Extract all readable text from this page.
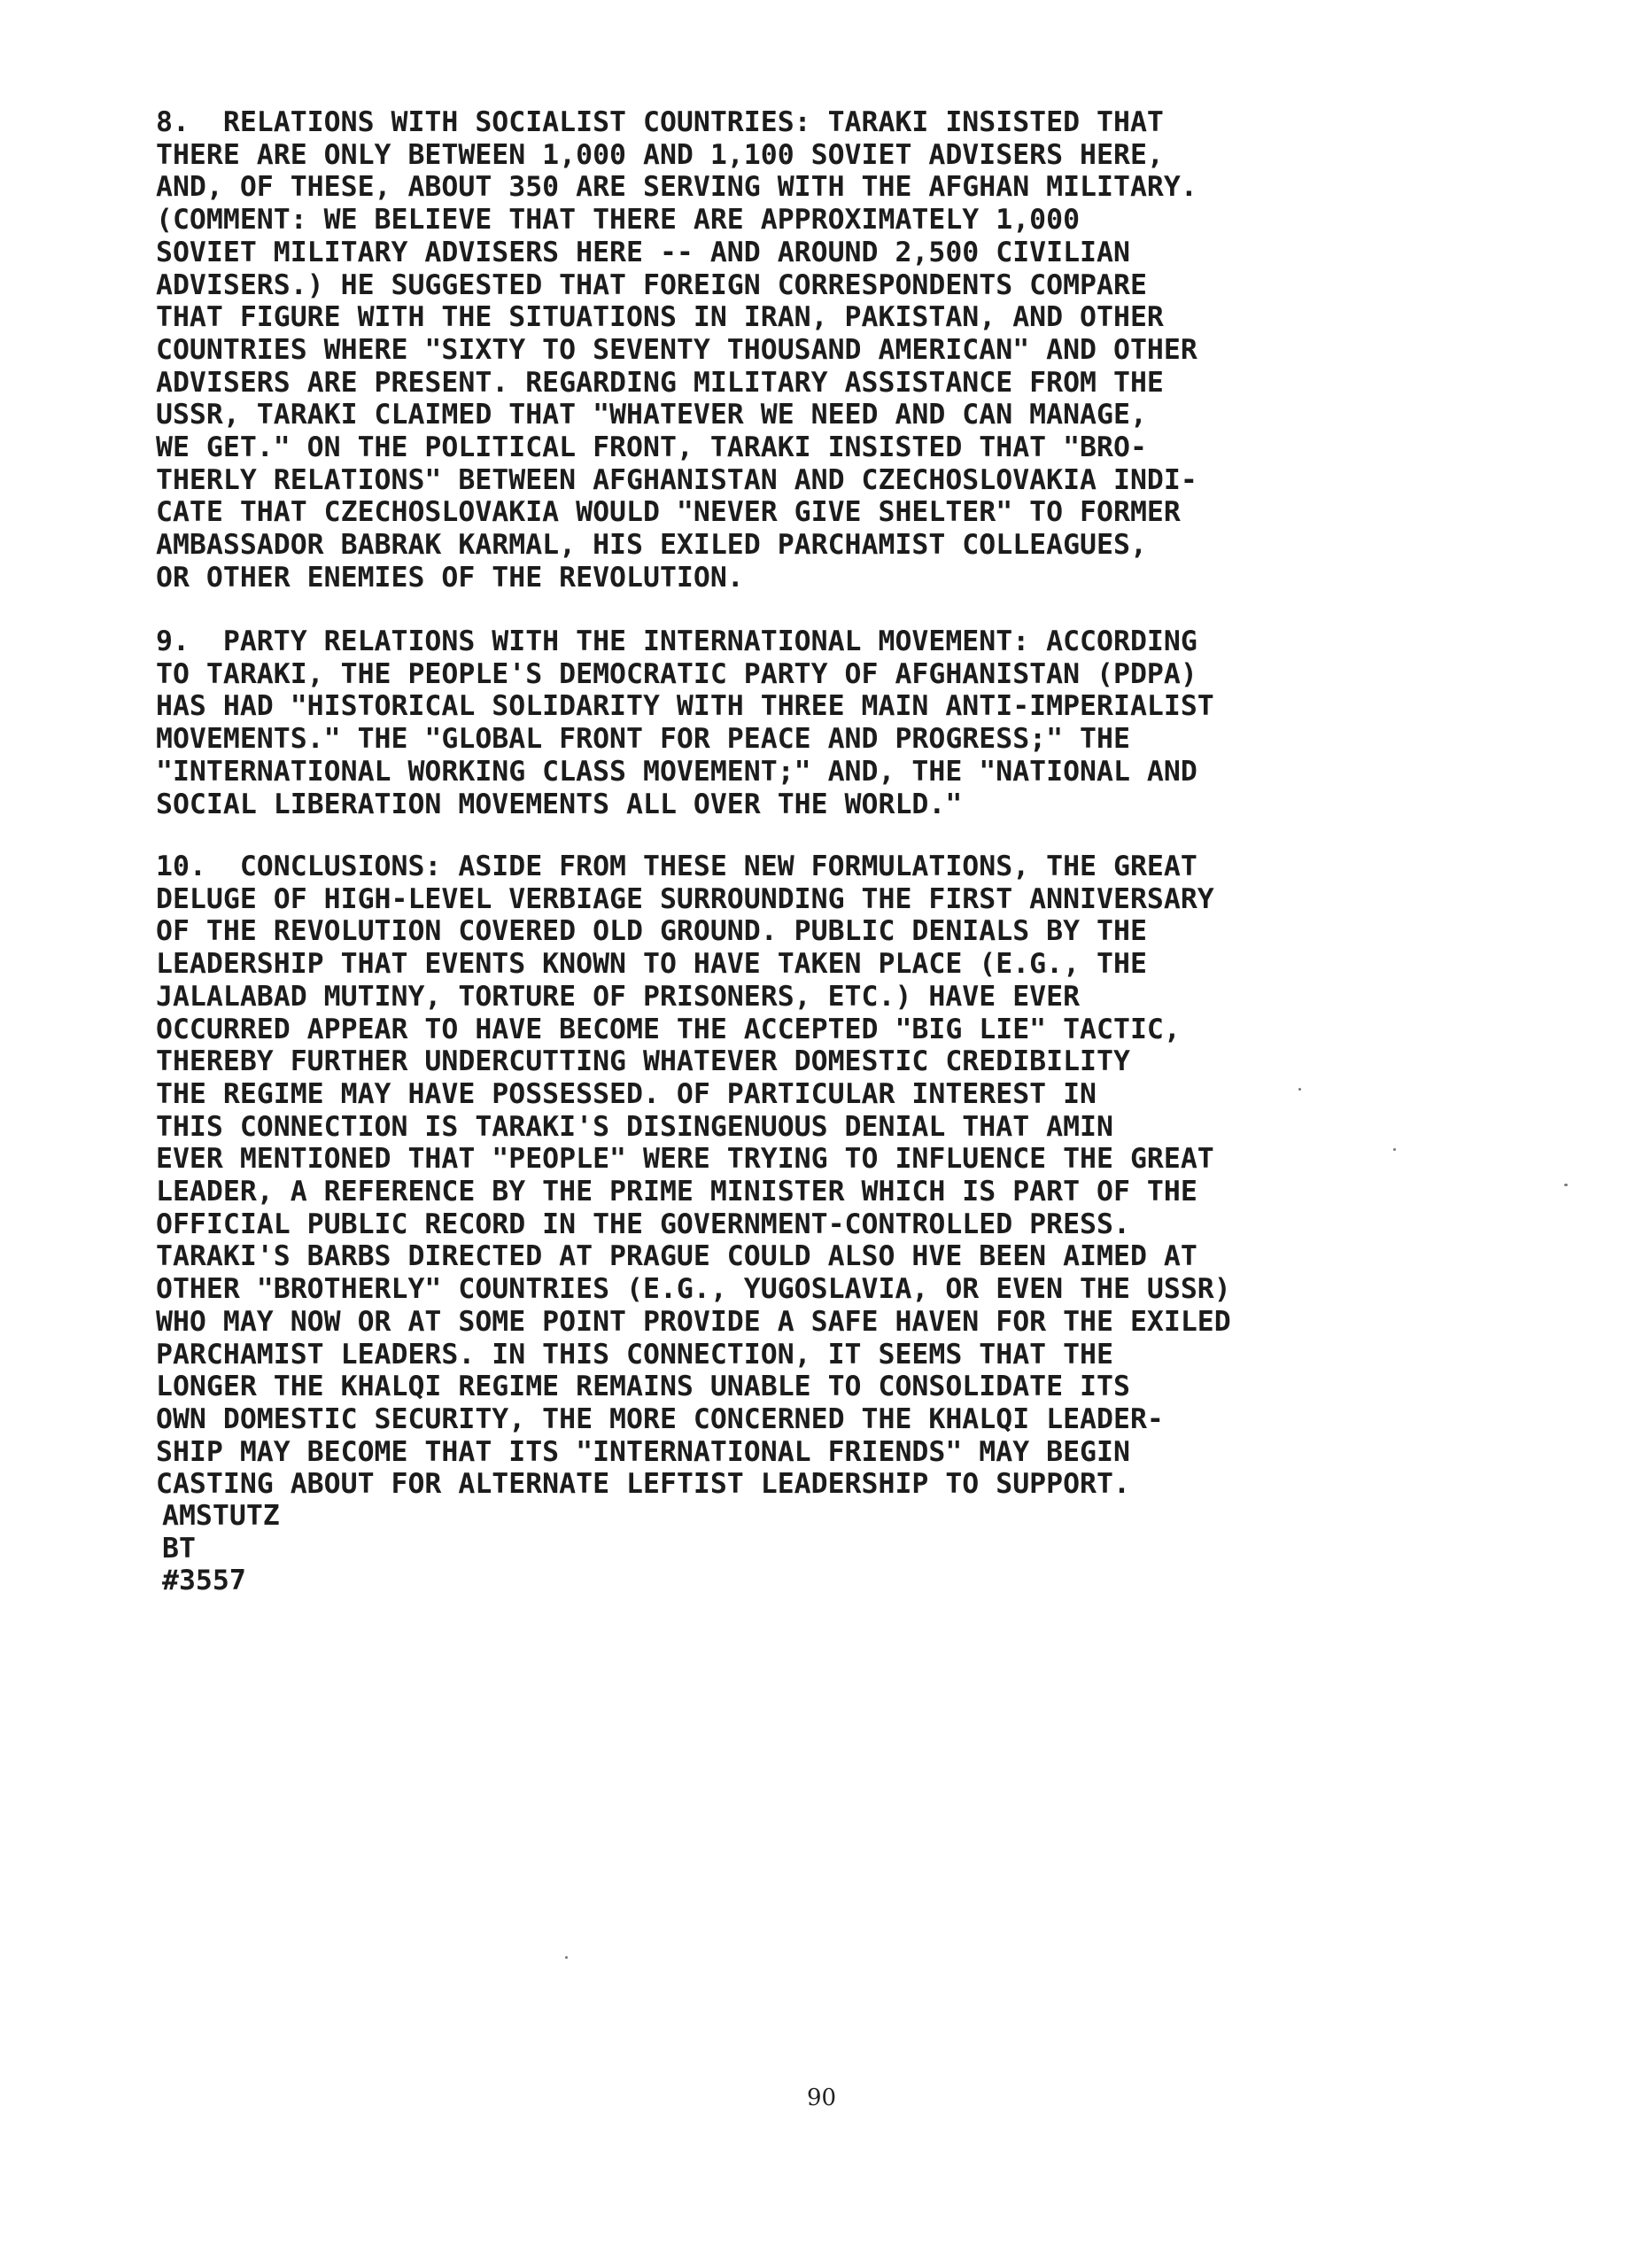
8.  RELATIONS WITH SOCIALIST COUNTRIES: TARAKI INSISTED THAT
THERE ARE ONLY BETWEEN 1,000 AND 1,100 SOVIET ADVISERS HERE,
AND, OF THESE, ABOUT 350 ARE SERVING WITH THE AFGHAN MILITARY.
(COMMENT: WE BELIEVE THAT THERE ARE APPROXIMATELY 1,000
SOVIET MILITARY ADVISERS HERE -- AND AROUND 2,500 CIVILIAN
ADVISERS.) HE SUGGESTED THAT FOREIGN CORRESPONDENTS COMPARE
THAT FIGURE WITH THE SITUATIONS IN IRAN, PAKISTAN, AND OTHER
COUNTRIES WHERE "SIXTY TO SEVENTY THOUSAND AMERICAN" AND OTHER
ADVISERS ARE PRESENT. REGARDING MILITARY ASSISTANCE FROM THE
USSR, TARAKI CLAIMED THAT "WHATEVER WE NEED AND CAN MANAGE,
WE GET." ON THE POLITICAL FRONT, TARAKI INSISTED THAT "BRO-
THERLY RELATIONS" BETWEEN AFGHANISTAN AND CZECHOSLOVAKIA INDI-
CATE THAT CZECHOSLOVAKIA WOULD "NEVER GIVE SHELTER" TO FORMER
AMBASSADOR BABRAK KARMAL, HIS EXILED PARCHAMIST COLLEAGUES,
OR OTHER ENEMIES OF THE REVOLUTION.

9.  PARTY RELATIONS WITH THE INTERNATIONAL MOVEMENT: ACCORDING
TO TARAKI, THE PEOPLE'S DEMOCRATIC PARTY OF AFGHANISTAN (PDPA)
HAS HAD "HISTORICAL SOLIDARITY WITH THREE MAIN ANTI-IMPERIALIST
MOVEMENTS." THE "GLOBAL FRONT FOR PEACE AND PROGRESS;" THE
"INTERNATIONAL WORKING CLASS MOVEMENT;" AND, THE "NATIONAL AND
SOCIAL LIBERATION MOVEMENTS ALL OVER THE WORLD."

10.  CONCLUSIONS: ASIDE FROM THESE NEW FORMULATIONS, THE GREAT
DELUGE OF HIGH-LEVEL VERBIAGE SURROUNDING THE FIRST ANNIVERSARY
OF THE REVOLUTION COVERED OLD GROUND. PUBLIC DENIALS BY THE
LEADERSHIP THAT EVENTS KNOWN TO HAVE TAKEN PLACE (E.G., THE
JALALABAD MUTINY, TORTURE OF PRISONERS, ETC.) HAVE EVER
OCCURRED APPEAR TO HAVE BECOME THE ACCEPTED "BIG LIE" TACTIC,
THEREBY FURTHER UNDERCUTTING WHATEVER DOMESTIC CREDIBILITY
THE REGIME MAY HAVE POSSESSED. OF PARTICULAR INTEREST IN
THIS CONNECTION IS TARAKI'S DISINGENUOUS DENIAL THAT AMIN
EVER MENTIONED THAT "PEOPLE" WERE TRYING TO INFLUENCE THE GREAT
LEADER, A REFERENCE BY THE PRIME MINISTER WHICH IS PART OF THE
OFFICIAL PUBLIC RECORD IN THE GOVERNMENT-CONTROLLED PRESS.
TARAKI'S BARBS DIRECTED AT PRAGUE COULD ALSO HVE BEEN AIMED AT
OTHER "BROTHERLY" COUNTRIES (E.G., YUGOSLAVIA, OR EVEN THE USSR)
WHO MAY NOW OR AT SOME POINT PROVIDE A SAFE HAVEN FOR THE EXILED
PARCHAMIST LEADERS. IN THIS CONNECTION, IT SEEMS THAT THE
LONGER THE KHALQI REGIME REMAINS UNABLE TO CONSOLIDATE ITS
OWN DOMESTIC SECURITY, THE MORE CONCERNED THE KHALQI LEADER-
SHIP MAY BECOME THAT ITS "INTERNATIONAL FRIENDS" MAY BEGIN
CASTING ABOUT FOR ALTERNATE LEFTIST LEADERSHIP TO SUPPORT.

AMSTUTZ
BT
#3557

90
